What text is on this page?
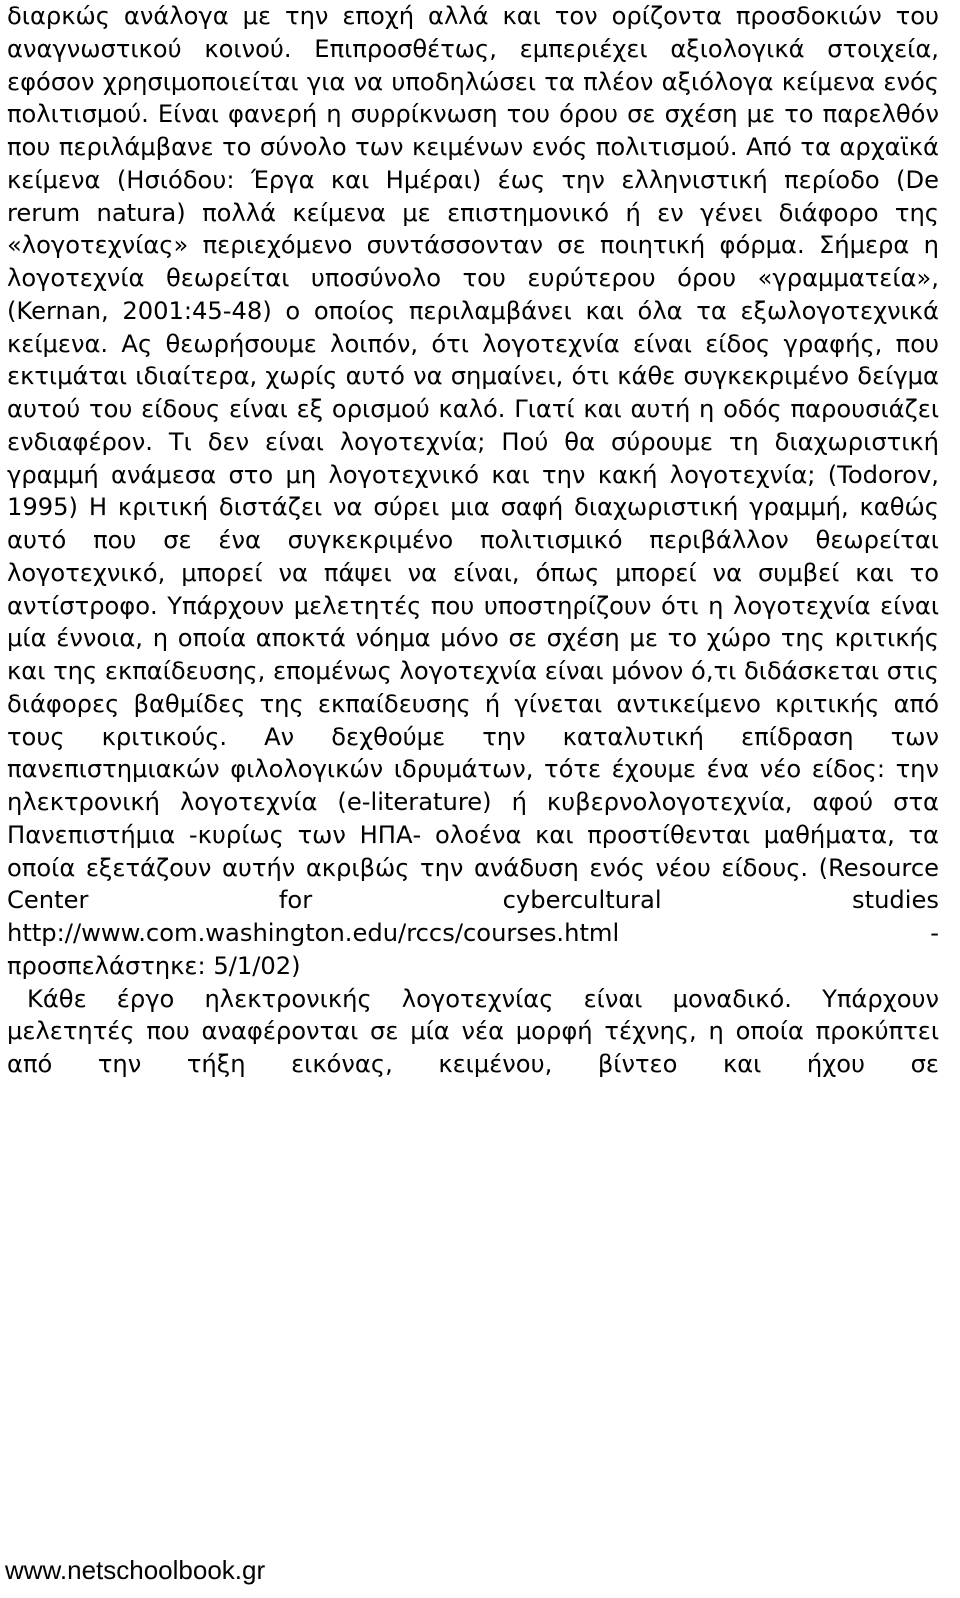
διαρκώς ανάλογα με την εποχή αλλά και τον ορίζοντα προσδοκιών του αναγνωστικού κοινού. Επιπροσθέτως, εμπεριέχει αξιολογικά στοιχεία, εφόσον χρησιμοποιείται για να υποδηλώσει τα πλέον αξιόλογα κείμενα ενός πολιτισμού. Είναι φανερή η συρρίκνωση του όρου σε σχέση με το παρελθόν που περιλάμβανε το σύνολο των κειμένων ενός πολιτισμού. Από τα αρχαϊκά κείμενα (Ησιόδου: Έργα και Ημέραι) έως την ελληνιστική περίοδο (De rerum natura) πολλά κείμενα με επιστημονικό ή εν γένει διάφορο της «λογοτεχνίας» περιεχόμενο συντάσσονταν σε ποιητική φόρμα. Σήμερα η λογοτεχνία θεωρείται υποσύνολο του ευρύτερου όρου «γραμματεία», (Kernan, 2001:45-48) ο οποίος περιλαμβάνει και όλα τα εξωλογοτεχνικά κείμενα. Ας θεωρήσουμε λοιπόν, ότι λογοτεχνία είναι είδος γραφής, που εκτιμάται ιδιαίτερα, χωρίς αυτό να σημαίνει, ότι κάθε συγκεκριμένο δείγμα αυτού του είδους είναι εξ ορισμού καλό. Γιατί και αυτή η οδός παρουσιάζει ενδιαφέρον. Τι δεν είναι λογοτεχνία; Πού θα σύρουμε τη διαχωριστική γραμμή ανάμεσα στο μη λογοτεχνικό και την κακή λογοτεχνία; (Todorov, 1995) Η κριτική διστάζει να σύρει μια σαφή διαχωριστική γραμμή, καθώς αυτό που σε ένα συγκεκριμένο πολιτισμικό περιβάλλον θεωρείται λογοτεχνικό, μπορεί να πάψει να είναι, όπως μπορεί να συμβεί και το αντίστροφο. Υπάρχουν μελετητές που υποστηρίζουν ότι η λογοτεχνία είναι μία έννοια, η οποία αποκτά νόημα μόνο σε σχέση με το χώρο της κριτικής και της εκπαίδευσης, επομένως λογοτεχνία είναι μόνον ό,τι διδάσκεται στις διάφορες βαθμίδες της εκπαίδευσης ή γίνεται αντικείμενο κριτικής από τους κριτικούς. Αν δεχθούμε την καταλυτική επίδραση των πανεπιστημιακών φιλολογικών ιδρυμάτων, τότε έχουμε ένα νέο είδος: την ηλεκτρονική λογοτεχνία (e-literature) ή κυβερνολογοτεχνία, αφού στα Πανεπιστήμια -κυρίως των ΗΠΑ- ολοένα και προστίθενται μαθήματα, τα οποία εξετάζουν αυτήν ακριβώς την ανάδυση ενός νέου είδους. (Resource Center for cybercultural studies http://www.com.washington.edu/rccs/courses.html -

προσπελάστηκε: 5/1/02)

Κάθε έργο ηλεκτρονικής λογοτεχνίας είναι μοναδικό. Υπάρχουν μελετητές που αναφέρονται σε μία νέα μορφή τέχνης, η οποία προκύπτει από την τήξη εικόνας, κειμένου, βίντεο και ήχου σε

www.netschoolbook.gr
